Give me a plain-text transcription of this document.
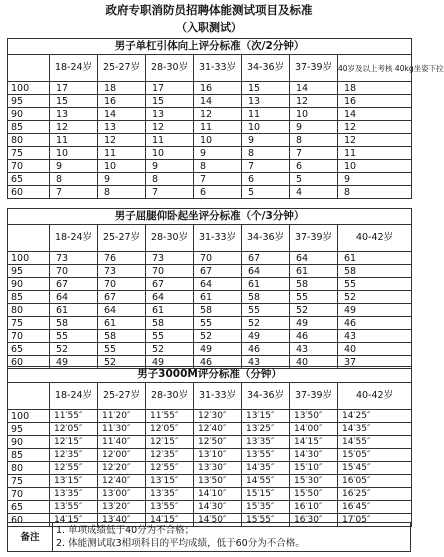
政府专职消防员招聘体能测试项目及标准
（入职测试）
男子单杠引体向上评分标准（次/2分钟）							
	18-24岁	25-27岁	28-30岁	31-33岁	34-36岁	37-39岁	40岁及以上考核 40kg坐姿下拉
100	17	18	17	16	15	14	18
95	15	16	15	14	13	12	16
90	13	14	13	12	11	10	14
85	12	13	12	11	10	9	12
80	11	12	11	10	9	8	12
75	10	11	10	9	8	7	11
70	9	10	9	8	7	6	10
65	8	9	8	7	6	5	9
60	7	8	7	6	5	4	8
男子屈腿仰卧起坐评分标准（个/3分钟）							
	18-24岁	25-27岁	28-30岁	31-33岁	34-36岁	37-39岁	40-42岁
100	73	76	73	70	67	64	61
95	70	73	70	67	64	61	58
90	67	70	67	64	61	58	55
85	64	67	64	61	58	55	52
80	61	64	61	58	55	52	49
75	58	61	58	55	52	49	46
70	55	58	55	52	49	46	43
65	52	55	52	49	46	43	40
60	49	52	49	46	43	40	37
男子3000M评分标准（分钟）							
	18-24岁	25-27岁	28-30岁	31-33岁	34-36岁	37-39岁	40-42岁
100	11′55″	11′20″	11′55″	12′30″	13′15″	13′50″	14′25″
95	12′05″	11′30″	12′05″	12′40″	13′25″	14′00″	14′35″
90	12′15″	11′40″	12′15″	12′50″	13′35″	14′15″	14′55″
85	12′35″	12′00″	12′35″	13′10″	13′55″	14′30″	15′05″
80	12′55″	12′20″	12′55″	13′30″	14′35″	15′10″	15′45″
75	13′15″	12′40″	13′15″	13′50″	14′55″	15′30″	16′05″
70	13′35″	13′00″	13′35″	14′10″	15′15″	15′50″	16′25″
65	13′55″	13′20″	13′55″	14′30″	15′35″	16′10″	16′45″
60	14′15″	13′40″	14′15″	14′50″	15′55″	16′30″	17′05″
备注	
1. 单项成绩低于40分为不合格；
2. 体能测试取3相项科目的平均成绩，低于60分为不合格。
